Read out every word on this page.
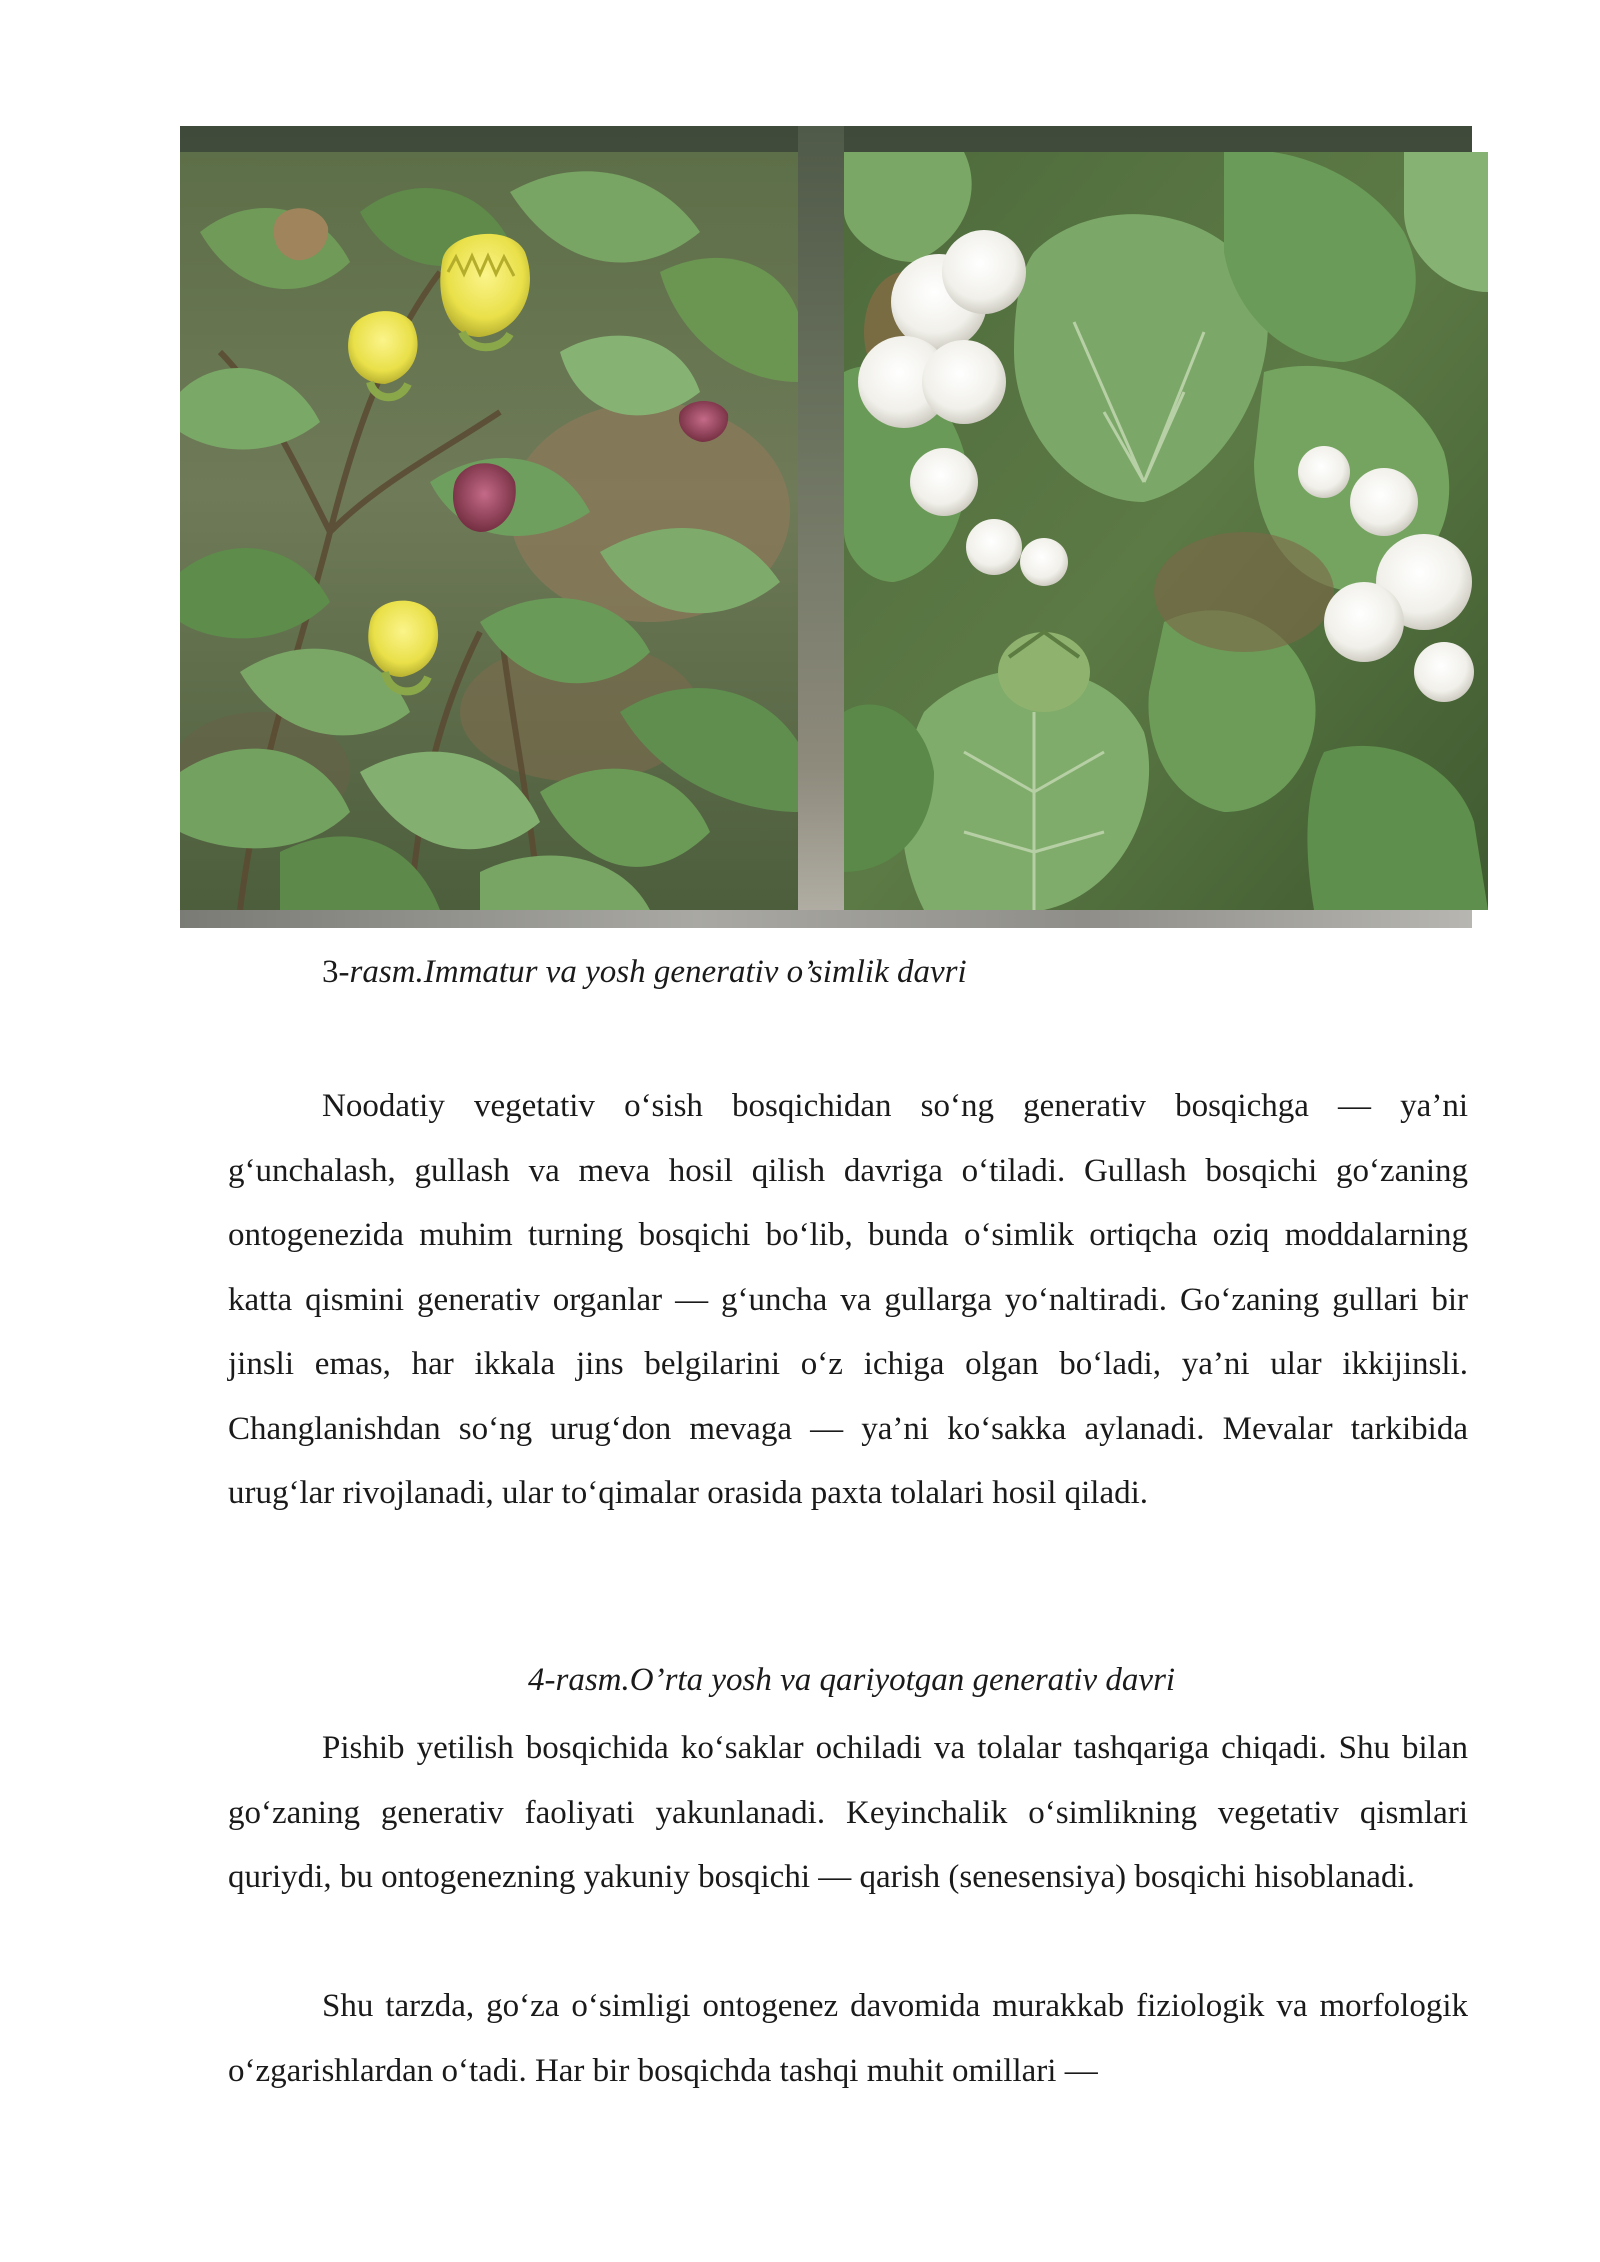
3-rasm.Immatur va yosh generativ o’simlik davri

Noodatiy vegetativ o‘sish bosqichidan so‘ng generativ bosqichga — ya’ni g‘unchalash, gullash va meva hosil qilish davriga o‘tiladi. Gullash bosqichi go‘zaning ontogenezida muhim turning bosqichi bo‘lib, bunda o‘simlik ortiqcha oziq moddalarning katta qismini generativ organlar — g‘uncha va gullarga yo‘naltiradi. Go‘zaning gullari bir jinsli emas, har ikkala jins belgilarini o‘z ichiga olgan bo‘ladi, ya’ni ular ikkijinsli. Changlanishdan so‘ng urug‘don mevaga — ya’ni ko‘sakka aylanadi. Mevalar tarkibida urug‘lar rivojlanadi, ular to‘qimalar orasida paxta tolalari hosil qiladi.

4-rasm.O’rta yosh va qariyotgan generativ davri

Pishib yetilish bosqichida ko‘saklar ochiladi va tolalar tashqariga chiqadi. Shu bilan go‘zaning generativ faoliyati yakunlanadi. Keyinchalik o‘simlikning vegetativ qismlari quriydi, bu ontogenezning yakuniy bosqichi — qarish (senesensiya) bosqichi hisoblanadi.

Shu tarzda, go‘za o‘simligi ontogenez davomida murakkab fiziologik va morfologik o‘zgarishlardan o‘tadi. Har bir bosqichda tashqi muhit omillari —
